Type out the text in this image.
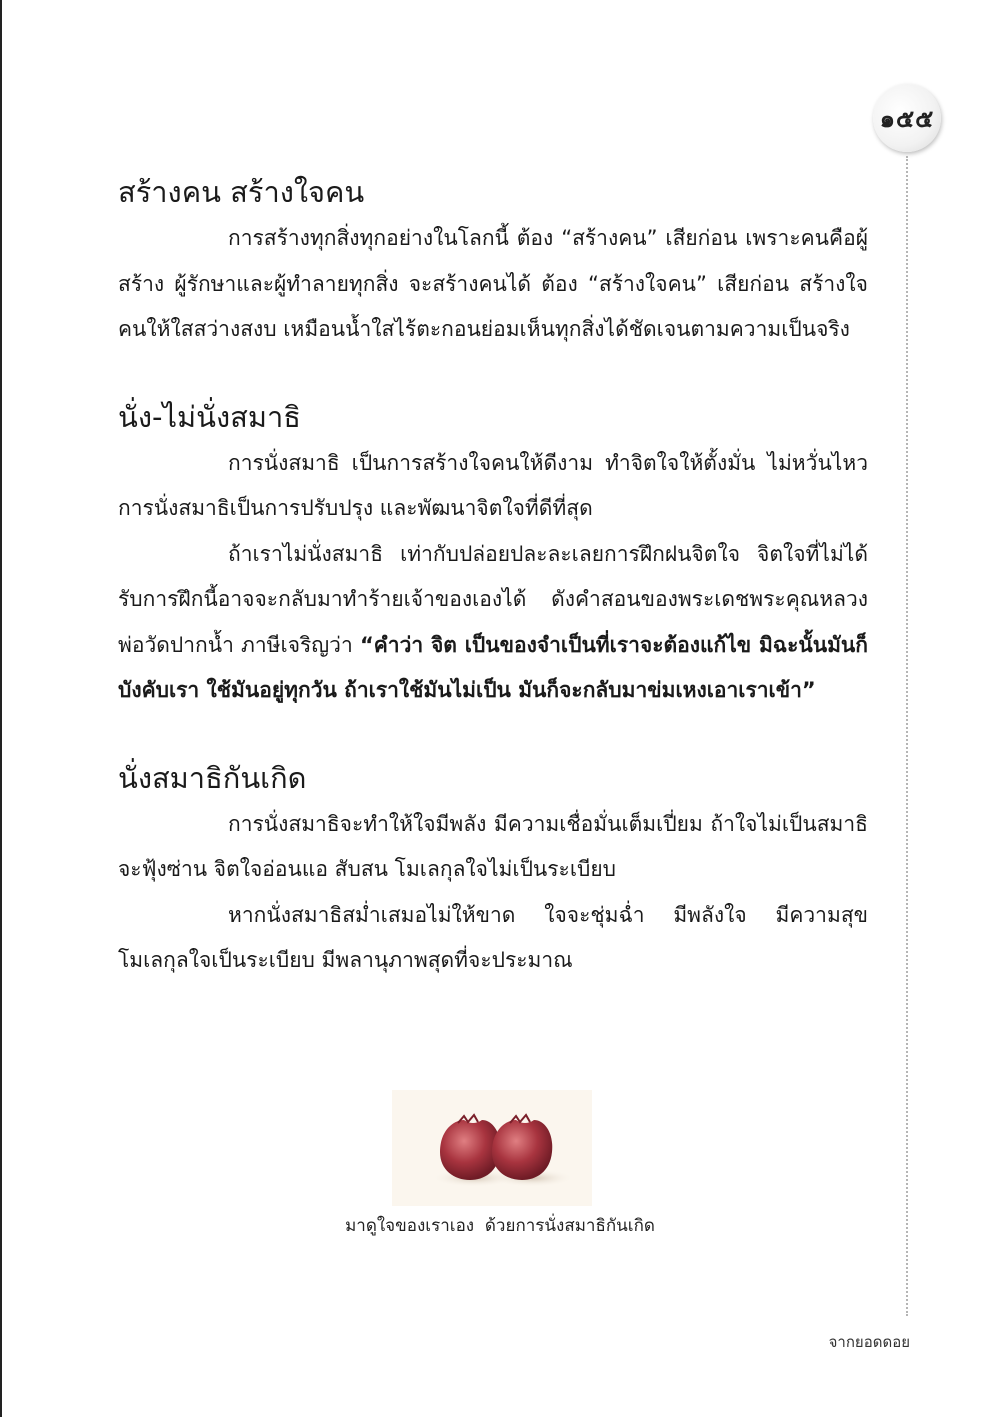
๑๕๕
สร้างคน สร้างใจคน

การสร้างทุกสิ่งทุกอย่างในโลกนี้ ต้อง “สร้างคน” เสียก่อน เพราะคนคือผู้สร้าง ผู้รักษาและผู้ทำลายทุกสิ่ง จะสร้างคนได้ ต้อง “สร้างใจคน” เสียก่อน สร้างใจคนให้ใสสว่างสงบ เหมือนน้ำใสไร้ตะกอนย่อมเห็นทุกสิ่งได้ชัดเจนตามความเป็นจริง

นั่ง-ไม่นั่งสมาธิ

การนั่งสมาธิ เป็นการสร้างใจคนให้ดีงาม ทำจิตใจให้ตั้งมั่น ไม่หวั่นไหว การนั่งสมาธิเป็นการปรับปรุง และพัฒนาจิตใจที่ดีที่สุด

ถ้าเราไม่นั่งสมาธิ เท่ากับปล่อยปละละเลยการฝึกฝนจิตใจ จิตใจที่ไม่ได้รับการฝึกนี้อาจจะกลับมาทำร้ายเจ้าของเองได้ ดังคำสอนของพระเดชพระคุณหลวงพ่อวัดปากน้ำ ภาษีเจริญว่า “คำว่า จิต เป็นของจำเป็นที่เราจะต้องแก้ไข มิฉะนั้นมันก็บังคับเรา ใช้มันอยู่ทุกวัน ถ้าเราใช้มันไม่เป็น มันก็จะกลับมาข่มเหงเอาเราเข้า”

นั่งสมาธิกันเกิด

การนั่งสมาธิจะทำให้ใจมีพลัง มีความเชื่อมั่นเต็มเปี่ยม ถ้าใจไม่เป็นสมาธิ จะฟุ้งซ่าน จิตใจอ่อนแอ สับสน โมเลกุลใจไม่เป็นระเบียบ

หากนั่งสมาธิสม่ำเสมอไม่ให้ขาด ใจจะชุ่มฉ่ำ มีพลังใจ มีความสุขโมเลกุลใจเป็นระเบียบ มีพลานุภาพสุดที่จะประมาณ

มาดูใจของเราเอง  ด้วยการนั่งสมาธิกันเกิด
จากยอดดอย
